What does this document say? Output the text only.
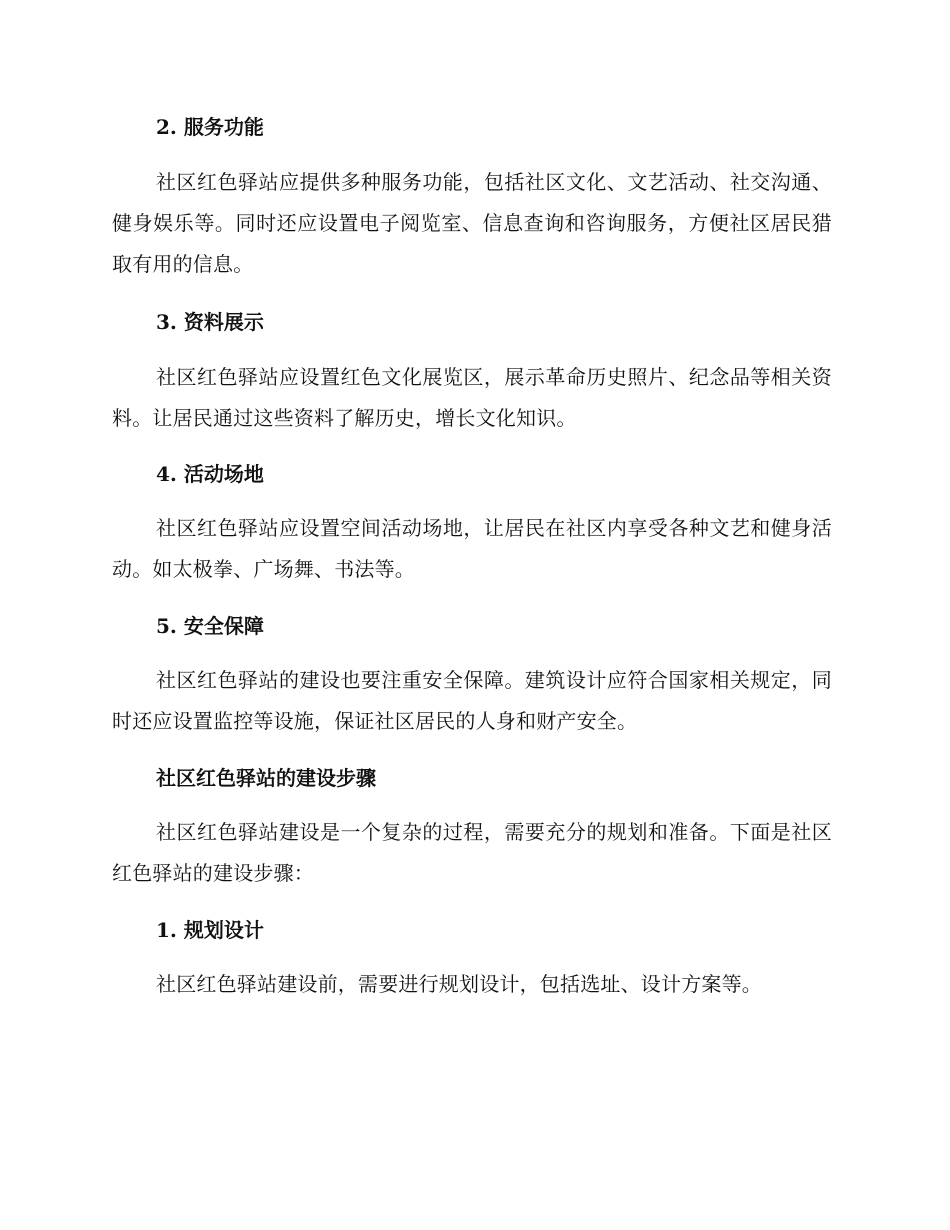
2. 服务功能

社区红色驿站应提供多种服务功能，包括社区文化、文艺活动、社交沟通、健身娱乐等。同时还应设置电子阅览室、信息查询和咨询服务，方便社区居民猎取有用的信息。

3. 资料展示

社区红色驿站应设置红色文化展览区，展示革命历史照片、纪念品等相关资料。让居民通过这些资料了解历史，增长文化知识。

4. 活动场地

社区红色驿站应设置空间活动场地，让居民在社区内享受各种文艺和健身活动。如太极拳、广场舞、书法等。

5. 安全保障

社区红色驿站的建设也要注重安全保障。建筑设计应符合国家相关规定，同时还应设置监控等设施，保证社区居民的人身和财产安全。

社区红色驿站的建设步骤

社区红色驿站建设是一个复杂的过程，需要充分的规划和准备。下面是社区红色驿站的建设步骤：

1. 规划设计

社区红色驿站建设前，需要进行规划设计，包括选址、设计方案等。
